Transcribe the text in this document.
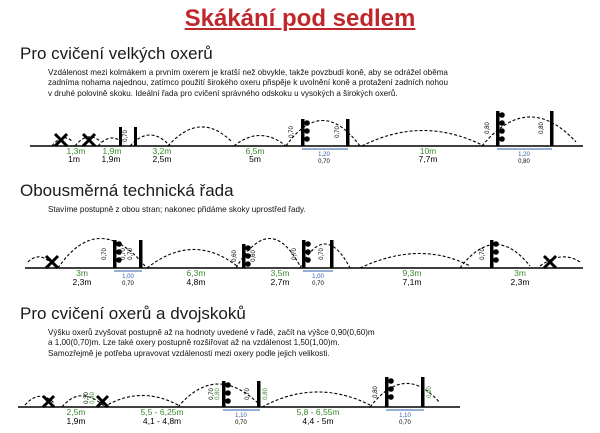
Skákání pod sedlem
Pro cvičení velkých oxerů
Vzdálenost mezi kolmákem a prvním oxerem je kratší než obvykle, takže povzbudí koně, aby se odrážel oběma
zadníma nohama najednou, zatímco použití širokého oxeru přispěje k uvolnění koně a protažení zadních nohou
v druhé polovině skoku. Ideální řada pro cvičení správného odskoku u vysokých a širokých oxerů.
0,70	0,70	0,70	0,80	0,80
1,20
0,70
1,20
0,80
1,3m
1m
1,9m
1,9m
3,2m
2,5m
6,5m
5m
10m
7,7m
Obousměrná technická řada
Stavíme postupně z obou stran; nakonec přidáme skoky uprostřed řady.
0,70 0,70 0,70	0,60 0,60	0,70	0,70	0,70
1,00
0,70
1,00
0,70
3m
2,3m
6,3m
4,8m
3,5m
2,7m
9,3m
7,1m
3m
2,3m
Pro cvičení oxerů a dvojskoků
Výšku oxerů zvyšovat postupně až na hodnoty uvedené v řadě, začít na výšce 0,90(0,60)m
a 1,00(0,70)m. Lze také oxery postupně rozšiřovat až na vzdálenost 1,50(1,00)m.
Samozřejmě je potřeba upravovat vzdálenosti mezi oxery podle jejich velikosti.
0,30 0,40	0,70 0,80	0,70 0,80	0,80	0,90
1,10
0,70
1,10
0,70
2,5m
1,9m
5,5 - 6,25m
4,1 - 4,8m
5,8 - 6,55m
4,4 - 5m
